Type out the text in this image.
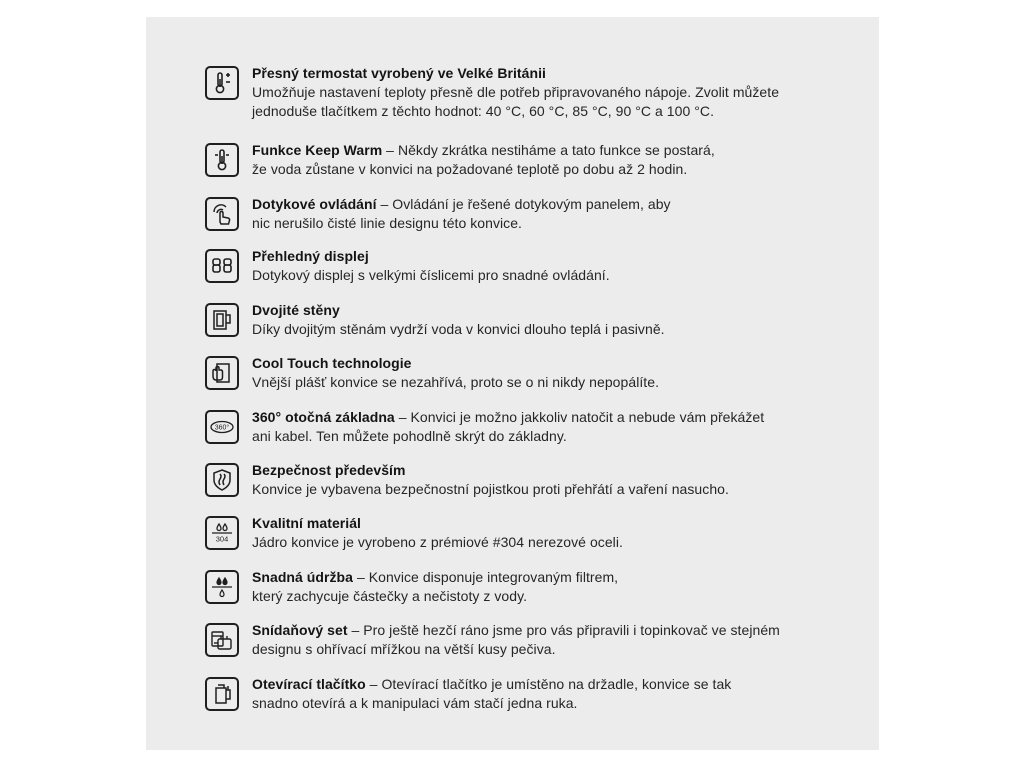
Přesný termostat vyrobený ve Velké Británii
Umožňuje nastavení teploty přesně dle potřeb připravovaného nápoje. Zvolit můžete
jednoduše tlačítkem z těchto hodnot: 40 °C, 60 °C, 85 °C, 90 °C a 100 °C.
Funkce Keep Warm – Někdy zkrátka nestiháme a tato funkce se postará,
že voda zůstane v konvici na požadované teplotě po dobu až 2 hodin.
Dotykové ovládání – Ovládání je řešené dotykovým panelem, aby
nic nerušilo čisté linie designu této konvice.
Přehledný displej
Dotykový displej s velkými číslicemi pro snadné ovládání.
Dvojité stěny
Díky dvojitým stěnám vydrží voda v konvici dlouho teplá i pasivně.
Cool Touch technologie
Vnější plášť konvice se nezahřívá, proto se o ni nikdy nepopálíte.
360°
360° otočná základna – Konvici je možno jakkoliv natočit a nebude vám překážet
ani kabel. Ten můžete pohodlně skrýt do základny.
Bezpečnost především
Konvice je vybavena bezpečnostní pojistkou proti přehřátí a vaření nasucho.
304
Kvalitní materiál
Jádro konvice je vyrobeno z prémiové #304 nerezové oceli.
Snadná údržba – Konvice disponuje integrovaným filtrem,
který zachycuje částečky a nečistoty z vody.
Snídaňový set – Pro ještě hezčí ráno jsme pro vás připravili i topinkovač ve stejném
designu s ohřívací mřížkou na větší kusy pečiva.
Otevírací tlačítko – Otevírací tlačítko je umístěno na držadle, konvice se tak
snadno otevírá a k manipulaci vám stačí jedna ruka.
